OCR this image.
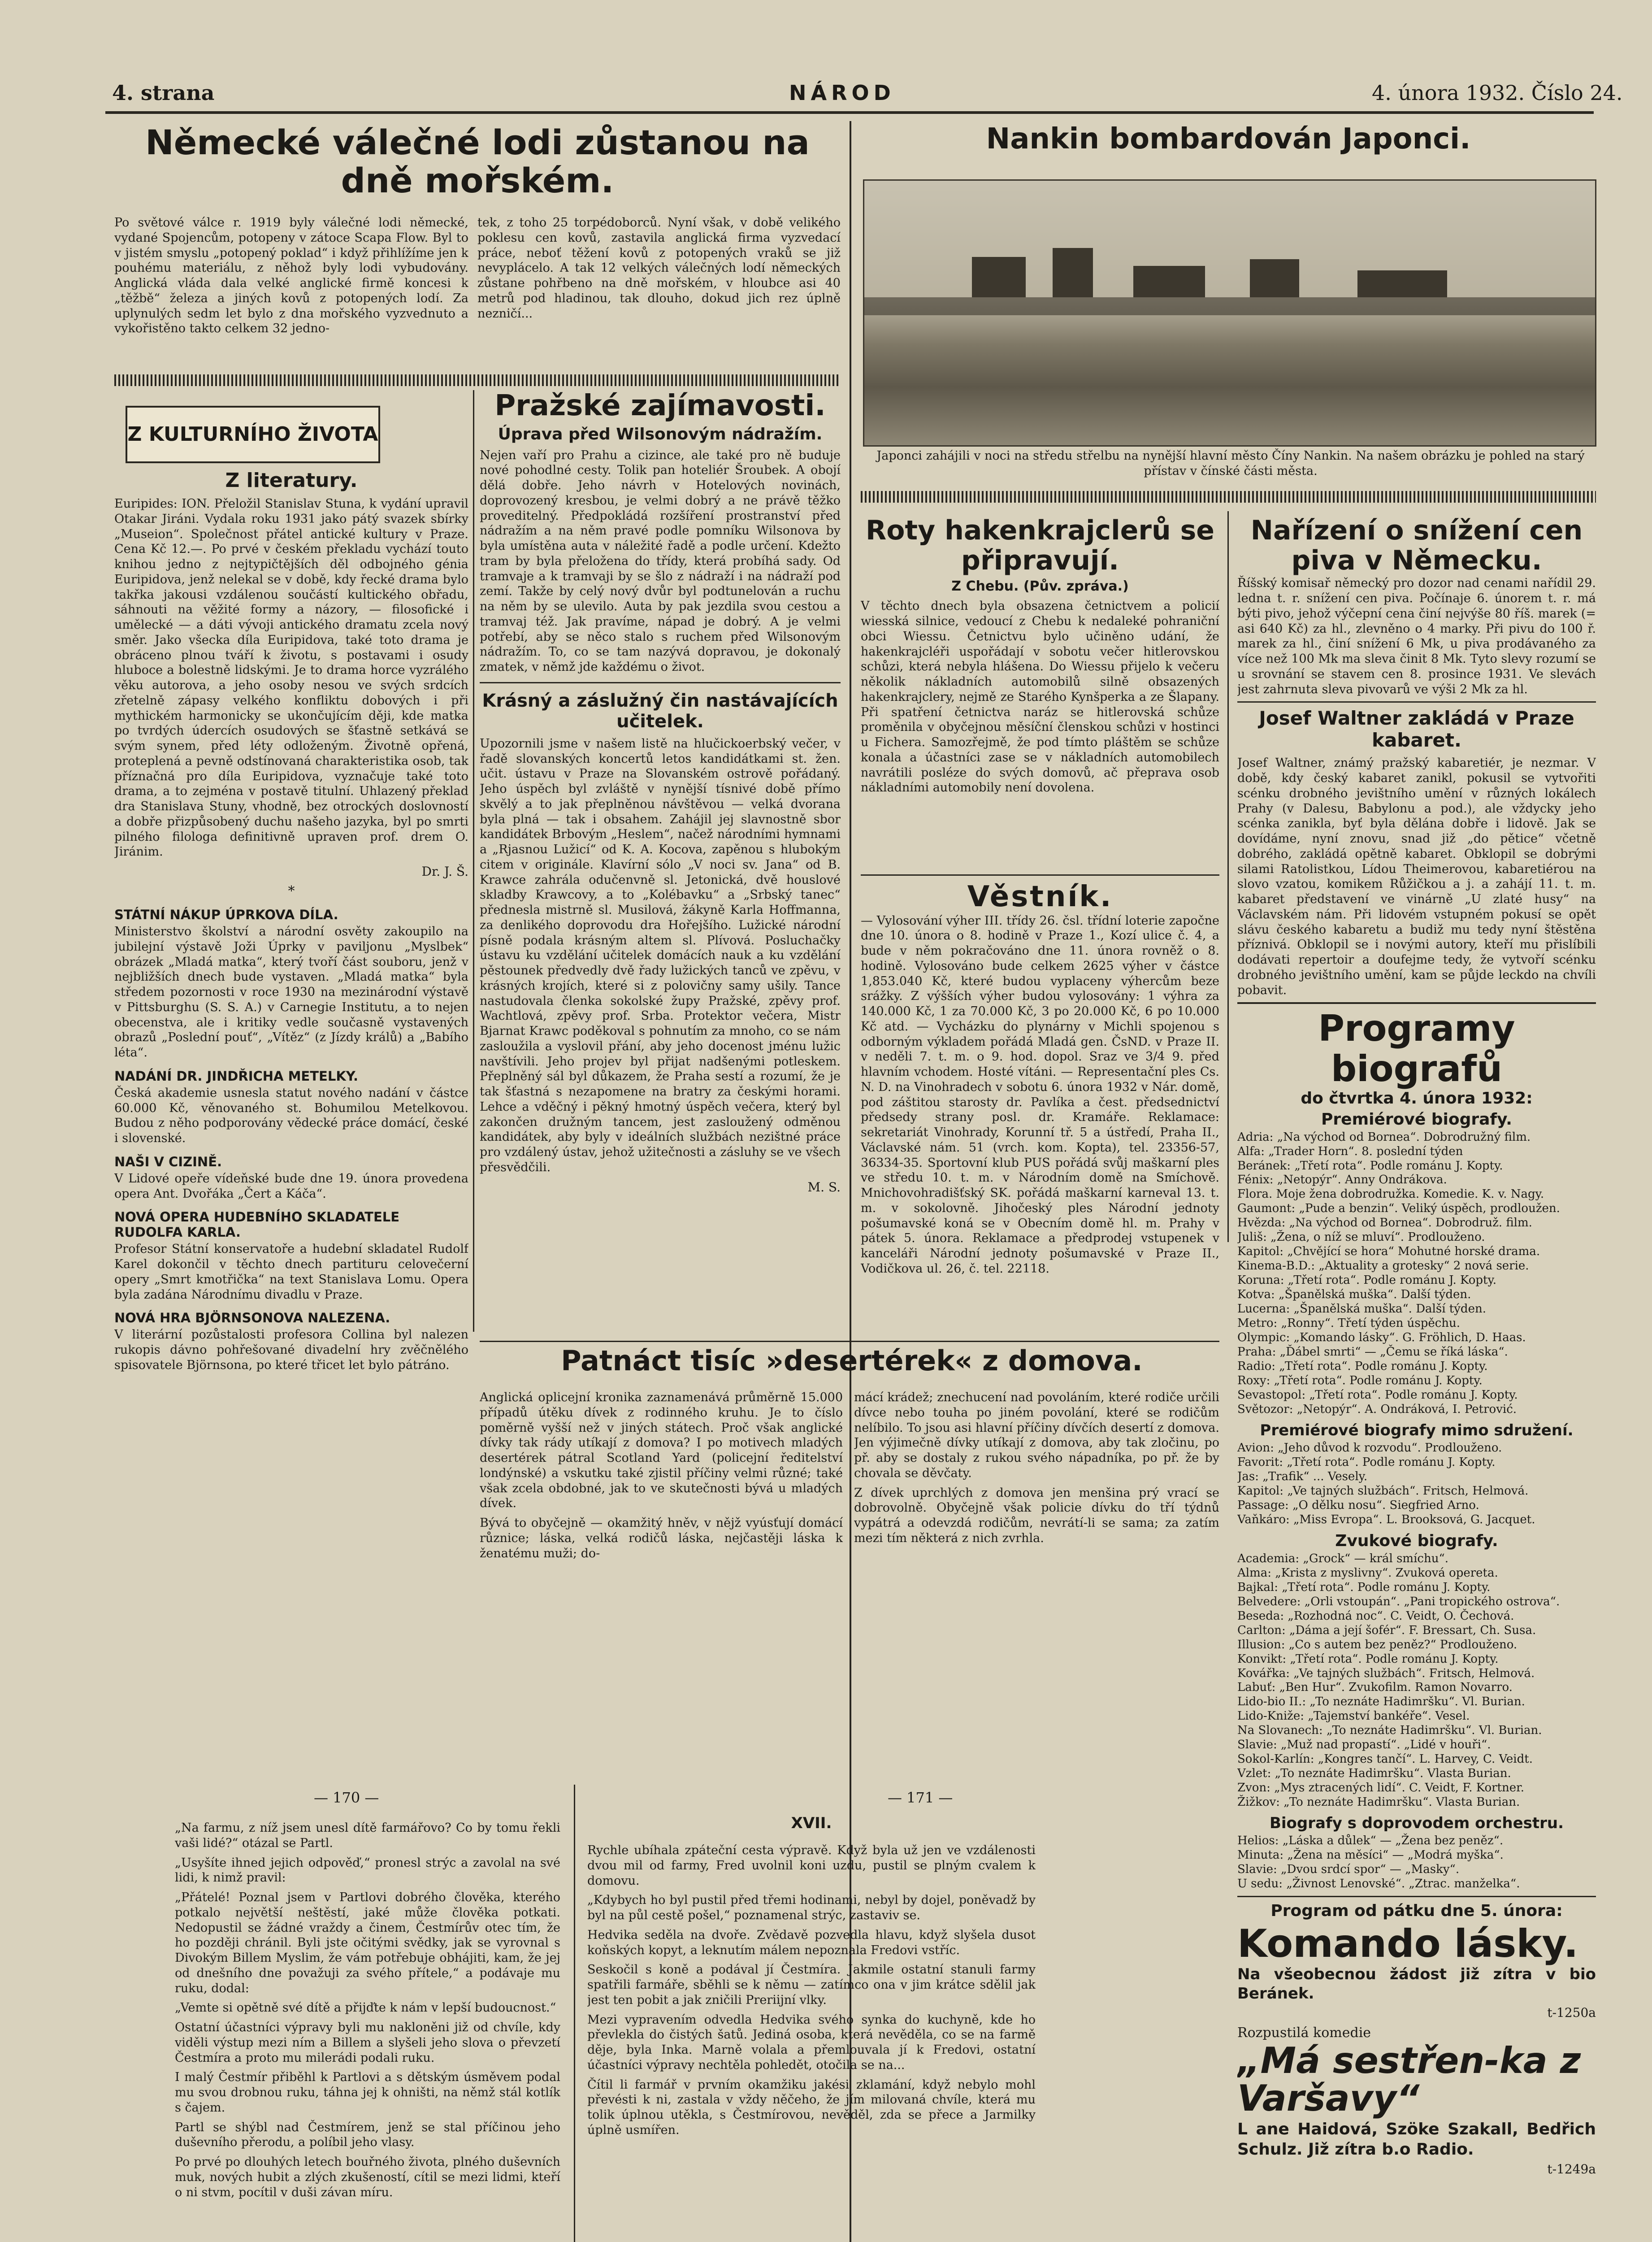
4. strana	NÁROD	4. února 1932. Číslo 24.
Německé válečné lodi zůstanou na dně mořském.

Po světové válce r. 1919 byly válečné lodi německé, vydané Spojencům, potopeny v zátoce Scapa Flow. Byl to v jistém smyslu „potopený poklad“ i když přihlížíme jen k pouhému materiálu, z něhož byly lodi vybudovány. Anglická vláda dala velké anglické firmě koncesi k „těžbě“ železa a jiných kovů z potopených lodí. Za uplynulých sedm let bylo z dna mořského vyzvednuto a vykořistěno takto celkem 32 jedno-

tek, z toho 25 torpédoborců. Nyní však, v době velikého poklesu cen kovů, zastavila anglická firma vyzvedací práce, neboť těžení kovů z potopených vraků se již nevyplácelo. A tak 12 velkých válečných lodí německých zůstane pohřbeno na dně mořském, v hloubce asi 40 metrů pod hladinou, tak dlouho, dokud jich rez úplně nezničí...

Nankin bombardován Japonci.

Japonci zahájili v noci na středu střelbu na nynější hlavní město Číny Nankin. Na našem obrázku je pohled na starý přístav v čínské části města.

Z KULTURNÍHO ŽIVOTA
Z literatury.

Euripides: ION. Přeložil Stanislav Stuna, k vydání upravil Otakar Jiráni. Vydala roku 1931 jako pátý svazek sbírky „Museion“. Společnost přátel antické kultury v Praze. Cena Kč 12.—. Po prvé v českém překladu vychází touto knihou jedno z nejtypičtějších děl odbojného génia Euripidova, jenž nelekal se v době, kdy řecké drama bylo takřka jakousi vzdálenou součástí kultického obřadu, sáhnouti na věžité formy a názory, — filosofické i umělecké — a dáti vývoji antického dramatu zcela nový směr. Jako všecka díla Euripidova, také toto drama je obráceno plnou tváří k životu, s postavami i osudy hluboce a bolestně lidskými. Je to drama horce vyzrálého věku autorova, a jeho osoby nesou ve svých srdcích zřetelně zápasy velkého konfliktu dobových i při mythickém harmonicky se ukončujícím ději, kde matka po tvrdých údercích osudových se šťastně setkává se svým synem, před léty odloženým. Životně opřená, proteplená a pevně odstínovaná charakteristika osob, tak příznačná pro díla Euripidova, vyznačuje také toto drama, a to zejména v postavě titulní. Uhlazený překlad dra Stanislava Stuny, vhodně, bez otrockých doslovností a dobře přizpůsobený duchu našeho jazyka, byl po smrti pilného filologa definitivně upraven prof. drem O. Jiránim.

Dr. J. Š.

*
STÁTNÍ NÁKUP ÚPRKOVA DÍLA.

Ministerstvo školství a národní osvěty zakoupilo na jubilejní výstavě Joži Úprky v paviljonu „Myslbek“ obrázek „Mladá matka“, který tvoří část souboru, jenž v nejbližších dnech bude vystaven. „Mladá matka“ byla středem pozornosti v roce 1930 na mezinárodní výstavě v Pittsburghu (S. S. A.) v Carnegie Institutu, a to nejen obecenstva, ale i kritiky vedle současně vystavených obrazů „Poslední pouť“, „Vítěz“ (z Jízdy králů) a „Babího léta“.

NADÁNÍ DR. JINDŘICHA METELKY.

Česká akademie usnesla statut nového nadání v částce 60.000 Kč, věnovaného st. Bohumilou Metelkovou. Budou z něho podporovány vědecké práce domácí, české i slovenské.

NAŠI V CIZINĚ.

V Lidové opeře vídeňské bude dne 19. února provedena opera Ant. Dvořáka „Čert a Káča“.

NOVÁ OPERA HUDEBNÍHO SKLADATELE RUDOLFA KARLA.

Profesor Státní konservatoře a hudební skladatel Rudolf Karel dokončil v těchto dnech partituru celovečerní opery „Smrt kmotřička“ na text Stanislava Lomu. Opera byla zadána Národnímu divadlu v Praze.

NOVÁ HRA BJÖRNSONOVA NALEZENA.

V literární pozůstalosti profesora Collina byl nalezen rukopis dávno pohřešované divadelní hry zvěčnělého spisovatele Björnsona, po které třicet let bylo pátráno.

Pražské zajímavosti.
Úprava před Wilsonovým nádražím.

Nejen vaří pro Prahu a cizince, ale také pro ně buduje nové pohodlné cesty. Tolik pan hoteliér Šroubek. A obojí dělá dobře. Jeho návrh v Hotelových novinách, doprovozený kresbou, je velmi dobrý a ne právě těžko proveditelný. Předpokládá rozšíření prostranství před nádražím a na něm pravé podle pomníku Wilsonova by byla umístěna auta v náležité řadě a podle určení. Kdežto tram by byla přeložena do třídy, která probíhá sady. Od tramvaje a k tramvaji by se šlo z nádraží i na nádraží pod zemí. Takže by celý nový dvůr byl podtunelován a ruchu na něm by se ulevilo. Auta by pak jezdila svou cestou a tramvaj též. Jak pravíme, nápad je dobrý. A je velmi potřebí, aby se něco stalo s ruchem před Wilsonovým nádražím. To, co se tam nazývá dopravou, je dokonalý zmatek, v němž jde každému o život.

Krásný a záslužný čin nastávajících učitelek.

Upozornili jsme v našem listě na hlučickoerbský večer, v řadě slovanských koncertů letos kandidátkami st. žen. učit. ústavu v Praze na Slovanském ostrově pořádaný. Jeho úspěch byl zvláště v nynější tísnivé době přímo skvělý a to jak přeplněnou návštěvou — velká dvorana byla plná — tak i obsahem. Zahájil jej slavnostně sbor kandidátek Brbovým „Heslem“, načež národními hymnami a „Rjasnou Lužicí“ od K. A. Kocova, zapěnou s hlubokým citem v originále. Klavírní sólo „V noci sv. Jana“ od B. Krawce zahrála odučenvně sl. Jetonická, dvě houslové skladby Krawcovy, a to „Kolébavku“ a „Srbský tanec“ přednesla mistrně sl. Musilová, žákyně Karla Hoffmanna, za denlikého doprovodu dra Hořejšího. Lužické národní písně podala krásným altem sl. Plívová. Posluchačky ústavu ku vzdělání učitelek domácích nauk a ku vzdělání pěstounek předvedly dvě řady lužických tanců ve zpěvu, v krásných krojích, které si z polovičny samy ušily. Tance nastudovala členka sokolské župy Pražské, zpěvy prof. Wachtlová, zpěvy prof. Srba. Protektor večera, Mistr Bjarnat Krawc poděkoval s pohnutím za mnoho, co se nám zasloužila a vyslovil přání, aby jeho docenost jménu lužic navštívili. Jeho projev byl přijat nadšenými potleskem. Přeplněný sál byl důkazem, že Praha sestí a rozumí, že je tak šťastná s nezapomene na bratry za českými horami. Lehce a vděčný i pěkný hmotný úspěch večera, který byl zakončen družným tancem, jest zasloužený odměnou kandidátek, aby byly v ideálních službách nezištné práce pro vzdálený ústav, jehož užitečnosti a zásluhy se ve všech přesvědčili.

M. S.

Roty hakenkrajclerů se připravují.
Z Chebu. (Pův. zpráva.)

V těchto dnech byla obsazena četnictvem a policií wiesská silnice, vedoucí z Chebu k nedaleké pohraniční obci Wiessu. Četnictvu bylo učiněno udání, že hakenkrajcléři uspořádají v sobotu večer hitlerovskou schůzi, která nebyla hlášena. Do Wiessu přijelo k večeru několik nákladních automobilů silně obsazených hakenkrajclery, nejmě ze Starého Kynšperka a ze Šlapany. Při spatření četnictva naráz se hitlerovská schůze proměnila v obyčejnou měsíční členskou schůzi v hostinci u Fichera. Samozřejmě, že pod tímto pláštěm se schůze konala a účastníci zase se v nákladních automobilech navrátili posléze do svých domovů, ač přeprava osob nákladními automobily není dovolena.

Věstník.

— Vylosování výher III. třídy 26. čsl. třídní loterie započne dne 10. února o 8. hodině v Praze 1., Kozí ulice č. 4, a bude v něm pokračováno dne 11. února rovněž o 8. hodině. Vylosováno bude celkem 2625 výher v částce 1,853.040 Kč, které budou vyplaceny výhercům beze srážky. Z výšších výher budou vylosovány: 1 výhra za 140.000 Kč, 1 za 70.000 Kč, 3 po 20.000 Kč, 6 po 10.000 Kč atd. — Vycházku do plynárny v Michli spojenou s odborným výkladem pořádá Mladá gen. ČsND. v Praze II. v neděli 7. t. m. o 9. hod. dopol. Sraz ve 3/4 9. před hlavním vchodem. Hosté vítáni. — Representační ples Cs. N. D. na Vinohradech v sobotu 6. února 1932 v Nár. domě, pod záštitou starosty dr. Pavlíka a čest. předsednictví předsedy strany posl. dr. Kramáře. Reklamace: sekretariát Vinohrady, Korunní tř. 5 a ústředí, Praha II., Václavské nám. 51 (vrch. kom. Kopta), tel. 23356-57, 36334-35. Sportovní klub PUS pořádá svůj maškarní ples ve středu 10. t. m. v Národním domě na Smíchově. Mnichovohradišťský SK. pořádá maškarní karneval 13. t. m. v sokolovně. Jihočeský ples Národní jednoty pošumavské koná se v Obecním domě hl. m. Prahy v pátek 5. února. Reklamace a předprodej vstupenek v kanceláři Národní jednoty pošumavské v Praze II., Vodičkova ul. 26, č. tel. 22118.

Nařízení o snížení cen piva v Německu.

Říšský komisař německý pro dozor nad cenami nařídil 29. ledna t. r. snížení cen piva. Počínaje 6. únorem t. r. má býti pivo, jehož výčepní cena činí nejvýše 80 říš. marek (= asi 640 Kč) za hl., zlevněno o 4 marky. Při pivu do 100 ř. marek za hl., činí snížení 6 Mk, u piva prodávaného za více než 100 Mk ma sleva činit 8 Mk. Tyto slevy rozumí se u srovnání se stavem cen 8. prosince 1931. Ve slevách jest zahrnuta sleva pivovarů ve výši 2 Mk za hl.

Josef Waltner zakládá v Praze kabaret.

Josef Waltner, známý pražský kabaretiér, je nezmar. V době, kdy český kabaret zanikl, pokusil se vytvořiti scénku drobného jevištního umění v různých lokálech Prahy (v Dalesu, Babylonu a pod.), ale vždycky jeho scénka zanikla, byť byla dělána dobře i lidově. Jak se dovídáme, nyní znovu, snad již „do pětice“ včetně dobrého, zakládá opětně kabaret. Obklopil se dobrými silami Ratolistkou, Lídou Theimerovou, kabaretiérou na slovo vzatou, komikem Růžičkou a j. a zahájí 11. t. m. kabaret představení ve vinárně „U zlaté husy“ na Václavském nám. Při lidovém vstupném pokusí se opět slávu českého kabaretu a budiž mu tedy nyní štěstěna příznivá. Obklopil se i novými autory, kteří mu přislíbili dodávati repertoir a doufejme tedy, že vytvoří scénku drobného jevištního umění, kam se půjde leckdo na chvíli pobavit.

Programy biografů
do čtvrtka 4. února 1932:
Premiérové biografy.

Adria: „Na východ od Bornea“. Dobrodružný film.

Alfa: „Trader Horn“. 8. poslední týden

Beránek: „Třetí rota“. Podle románu J. Kopty.

Fénix: „Netopýr“. Anny Ondrákova.

Flora. Moje žena dobrodružka. Komedie. K. v. Nagy.

Gaumont: „Pude a benzin“. Veliký úspěch, prodloužen.

Hvězda: „Na východ od Bornea“. Dobrodruž. film.

Juliš: „Žena, o níž se mluví“. Prodlouženo.

Kapitol: „Chvějící se hora“ Mohutné horské drama.

Kinema-B.D.: „Aktuality a grotesky“ 2 nová serie.

Koruna: „Třetí rota“. Podle románu J. Kopty.

Kotva: „Španělská muška“. Další týden.

Lucerna: „Španělská muška“. Další týden.

Metro: „Ronny“. Třetí týden úspěchu.

Olympic: „Komando lásky“. G. Fröhlich, D. Haas.

Praha: „Ďábel smrti“ — „Čemu se říká láska“.

Radio: „Třetí rota“. Podle románu J. Kopty.

Roxy: „Třetí rota“. Podle románu J. Kopty.

Sevastopol: „Třetí rota“. Podle románu J. Kopty.

Světozor: „Netopýr“. A. Ondráková, I. Petrović.

Premiérové biografy mimo sdružení.

Avion: „Jeho důvod k rozvodu“. Prodlouženo.

Favorit: „Třetí rota“. Podle románu J. Kopty.

Jas: „Trafik“ ... Vesely.

Kapitol: „Ve tajných službách“. Fritsch, Helmová.

Passage: „O dělku nosu“. Siegfried Arno.

Vaňkáro: „Miss Evropa“. L. Brooksová, G. Jacquet.

Zvukové biografy.

Academia: „Grock“ — král smíchu“.

Alma: „Krista z myslivny“. Zvuková opereta.

Bajkal: „Třetí rota“. Podle románu J. Kopty.

Belvedere: „Orli vstoupán“. „Pani tropického ostrova“.

Beseda: „Rozhodná noc“. C. Veidt, O. Čechová.

Carlton: „Dáma a její šofér“. F. Bressart, Ch. Susa.

Illusion: „Co s autem bez peněz?“ Prodlouženo.

Konvikt: „Třetí rota“. Podle románu J. Kopty.

Kovářka: „Ve tajných službách“. Fritsch, Helmová.

Labuť: „Ben Hur“. Zvukofilm. Ramon Novarro.

Lido-bio II.: „To neznáte Hadimršku“. Vl. Burian.

Lido-Kniže: „Tajemství bankéře“. Vesel.

Na Slovanech: „To neznáte Hadimršku“. Vl. Burian.

Slavie: „Muž nad propastí“. „Lidé v houři“.

Sokol-Karlín: „Kongres tančí“. L. Harvey, C. Veidt.

Vzlet: „To neznáte Hadimršku“. Vlasta Burian.

Zvon: „Mys ztracených lidí“. C. Veidt, F. Kortner.

Žižkov: „To neznáte Hadimršku“. Vlasta Burian.

Biografy s doprovodem orchestru.

Helios: „Láska a důlek“ — „Žena bez peněz“.

Minuta: „Žena na měsíci“ — „Modrá myška“.

Slavie: „Dvou srdcí spor“ — „Masky“.

U sedu: „Živnost Lenovské“. „Ztrac. manželka“.

Program od pátku dne 5. února:
Komando lásky.

Na všeobecnou žádost již zítra v bio Beránek.

t-1250a

Rozpustilá komedie

„Má sestřen-ka z Varšavy“

L ane Haidová, Szöke Szakall, Bedřich Schulz. Již zítra b.o Radio.

t-1249a
Patnáct tisíc »desertérek« z domova.

Anglická oplicejní kronika zaznamenává průměrně 15.000 případů útěku dívek z rodinného kruhu. Je to číslo poměrně vyšší než v jiných státech. Proč však anglické dívky tak rády utíkají z domova? I po motivech mladých desertérek pátral Scotland Yard (policejní ředitelství londýnské) a vskutku také zjistil příčiny velmi různé; také však zcela obdobné, jak to ve skutečnosti bývá u mladých dívek.

Bývá to obyčejně — okamžitý hněv, v nějž vyúsťují domácí různice; láska, velká rodičů láska, nejčastěji láska k ženatému muži; do-

mácí krádež; znechucení nad povoláním, které rodiče určili dívce nebo touha po jiném povolání, které se rodičům nelíbilo. To jsou asi hlavní příčiny dívčích desertí z domova. Jen výjimečně dívky utíkají z domova, aby tak zločinu, po př. aby se dostaly z rukou svého nápadníka, po př. že by chovala se děvčaty.

Z dívek uprchlých z domova jen menšina prý vrací se dobrovolně. Obyčejně však policie dívku do tří týdnů vypátrá a odevzdá rodičům, nevrátí-li se sama; za zatím mezi tím některá z nich zvrhla.

— 170 —	— 171 —

„Na farmu, z níž jsem unesl dítě farmářovo? Co by tomu řekli vaši lidé?“ otázal se Partl.

„Usyšíte ihned jejich odpověď,“ pronesl strýc a zavolal na své lidi, k nimž pravil:

„Přátelé! Poznal jsem v Partlovi dobrého člověka, kterého potkalo největší neštěstí, jaké může člověka potkati. Nedopustil se žádné vraždy a činem, Čestmírův otec tím, že ho později chránil. Byli jste očitými svědky, jak se vyrovnal s Divokým Billem Myslim, že vám potřebuje obhájiti, kam, že jej od dnešního dne považuji za svého přítele,“ a podávaje mu ruku, dodal:

„Vemte si opětně své dítě a přijďte k nám v lepší budoucnost.“

Ostatní účastníci výpravy byli mu nakloněni již od chvíle, kdy viděli výstup mezi ním a Billem a slyšeli jeho slova o převzetí Čestmíra a proto mu milerádi podali ruku.

I malý Čestmír přiběhl k Partlovi a s dětským úsměvem podal mu svou drobnou ruku, táhna jej k ohništi, na němž stál kotlík s čajem.

Partl se shýbl nad Čestmírem, jenž se stal příčinou jeho duševního přerodu, a políbil jeho vlasy.

Po prvé po dlouhých letech bouřného života, plného duševních muk, nových hubit a zlých zkušeností, cítil se mezi lidmi, kteří o ni stvm, pocítil v duši závan míru.

XVII.

Rychle ubíhala zpáteční cesta výpravě. Když byla už jen ve vzdálenosti dvou mil od farmy, Fred uvolnil koni uzdu, pustil se plným cvalem k domovu.

„Kdybych ho byl pustil před třemi hodinami, nebyl by dojel, poněvadž by byl na půl cestě pošel,“ poznamenal strýc, zastaviv se.

Hedvika seděla na dvoře. Zvědavě pozvedla hlavu, když slyšela dusot koňských kopyt, a leknutím málem nepoznala Fredovi vstříc.

Seskočil s koně a podával jí Čestmíra. Jakmile ostatní stanuli farmy spatřili farmáře, sběhli se k němu — zatímco ona v jim krátce sdělil jak jest ten pobit a jak zničili Preriijní vlky.

Mezi vypravením odvedla Hedvika svého synka do kuchyně, kde ho převlekla do čistých šatů. Jediná osoba, která nevěděla, co se na farmě děje, byla Inka. Marně volala a přemlouvala jí k Fredovi, ostatní účastníci výpravy nechtěla pohledět, otočila se na...

Čítil li farmář v prvním okamžiku jakési zklamání, když nebylo mohl převésti k ni, zastala v vždy něčeho, že jím milovaná chvíle, která mu tolik úplnou utěkla, s Čestmírovou, nevěděl, zda se přece a Jarmilky úplně usmířen.
